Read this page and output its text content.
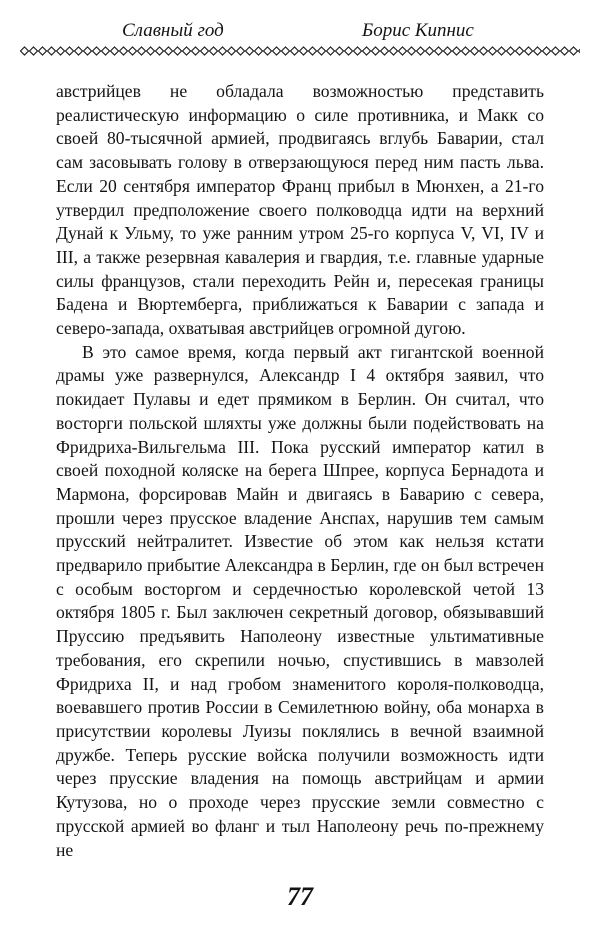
Славный год	Борис Кипнис

австрийцев не обладала возможностью представить реалистическую информацию о силе противника, и Макк со своей 80-тысячной армией, продвигаясь вглубь Баварии, стал сам засовывать голову в отверзающуюся перед ним пасть льва. Если 20 сентября император Франц прибыл в Мюнхен, а 21-го утвердил предположение своего полководца идти на верхний Дунай к Ульму, то уже ранним утром 25-го корпуса V, VI, IV и III, а также резервная кавалерия и гвардия, т.е. главные ударные силы французов, стали переходить Рейн и, пересекая границы Бадена и Вюртемберга, приближаться к Баварии с запада и северо-запада, охватывая австрийцев огромной дугою.

В это самое время, когда первый акт гигантской военной драмы уже развернулся, Александр I 4 октября заявил, что покидает Пулавы и едет прямиком в Берлин. Он считал, что восторги польской шляхты уже должны были подействовать на Фридриха-Вильгельма III. Пока русский император катил в своей походной коляске на берега Шпрее, корпуса Бернадота и Мармона, форсировав Майн и двигаясь в Баварию с севера, прошли через прусское владение Анспах, нарушив тем самым прусский нейтралитет. Известие об этом как нельзя кстати предварило прибытие Александра в Берлин, где он был встречен с особым восторгом и сердечностью королевской четой 13 октября 1805 г. Был заключен секретный договор, обязывавший Пруссию предъявить Наполеону известные ультимативные требования, его скрепили ночью, спустившись в мавзолей Фридриха II, и над гробом знаменитого короля-полководца, воевавшего против России в Семилетнюю войну, оба монарха в присутствии королевы Луизы поклялись в вечной взаимной дружбе. Теперь русские войска получили возможность идти через прусские владения на помощь австрийцам и армии Кутузова, но о проходе через прусские земли совместно с прусской армией во фланг и тыл Наполеону речь по-прежнему не

77
